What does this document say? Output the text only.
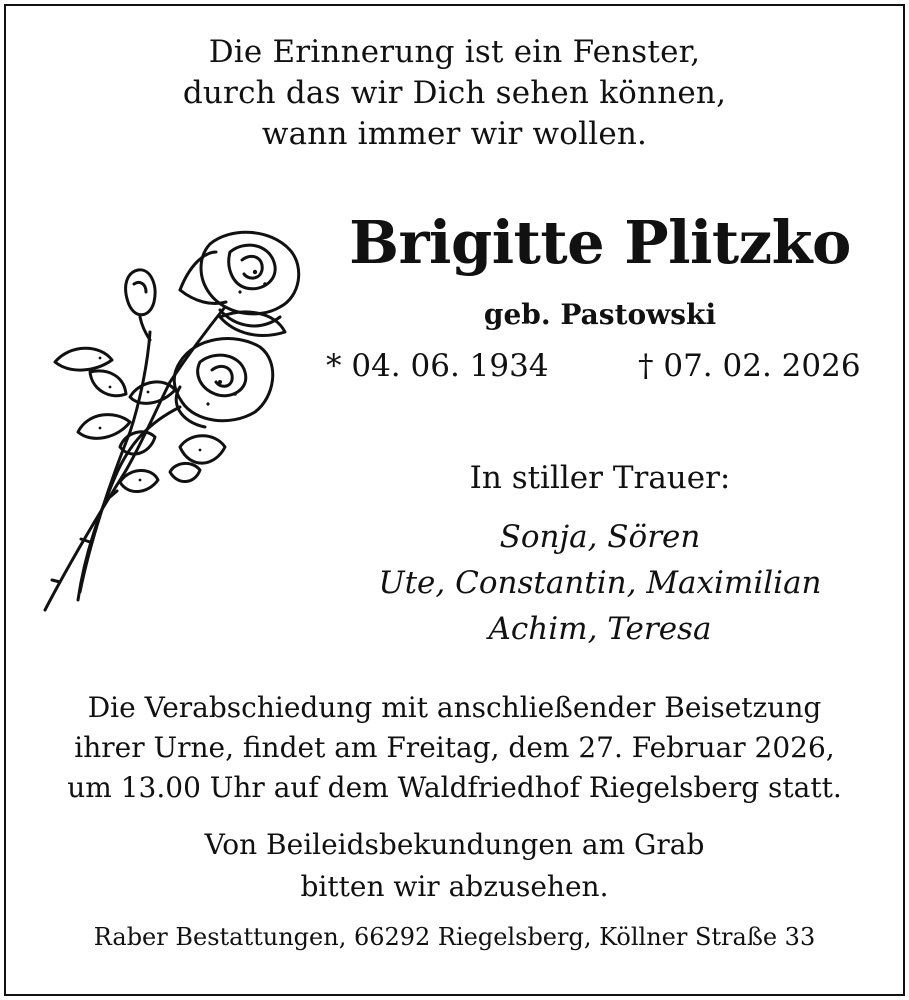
Die Erinnerung ist ein Fenster,
durch das wir Dich sehen können,
wann immer wir wollen.
Brigitte Plitzko
geb. Pastowski
* 04. 06. 1934	† 07. 02. 2026
In stiller Trauer:
Sonja, Sören
Ute, Constantin, Maximilian
Achim, Teresa
Die Verabschiedung mit anschließender Beisetzung
ihrer Urne, findet am Freitag, dem 27. Februar 2026,
um 13.00 Uhr auf dem Waldfriedhof Riegelsberg statt.
Von Beileidsbekundungen am Grab
bitten wir abzusehen.
Raber Bestattungen, 66292 Riegelsberg, Köllner Straße 33
